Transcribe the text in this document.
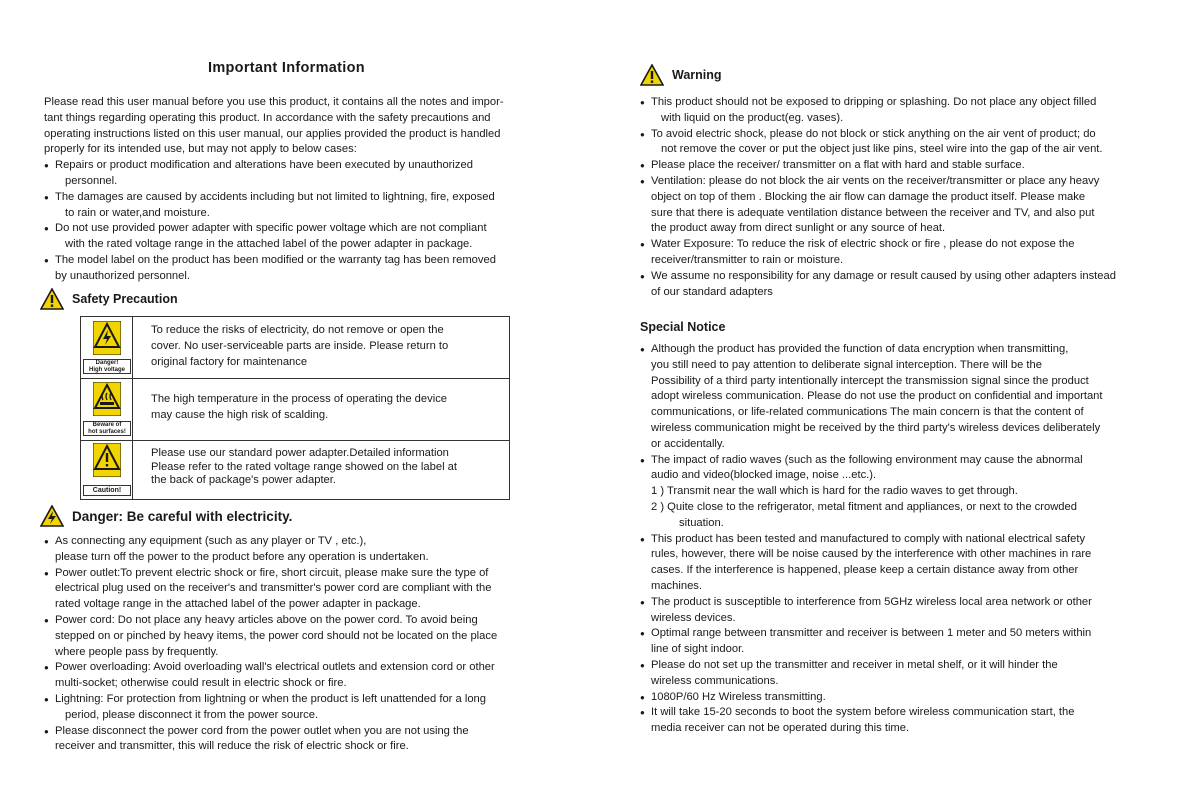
Important Information

Please read this user manual before you use this product, it contains all the notes and impor-

tant things regarding operating this product. In accordance with the safety precautions and

operating instructions listed on this user manual, our applies provided the product is handled

properly for its intended use, but may not apply to below cases:

● Repairs or product modification and alterations have been executed by unauthorized
personnel.
● The damages are caused by accidents including but not limited to lightning, fire, exposed
to rain or water,and moisture.
● Do not use provided power adapter with specific power voltage which are not compliant
with the rated voltage range in the attached label of the power adapter in package.
● The model label on the product has been modified or the warranty tag has been removed
by unauthorized personnel.
Safety Precaution
Danger!
High voltage
To reduce the risks of electricity, do not remove or open the
cover. No user-serviceable parts are inside. Please return to
original factory for maintenance
Beware of
hot surfaces!
The high temperature in the process of operating the device
may cause the high risk of scalding.
Caution!
Please use our standard power adapter.Detailed information
Please refer to the rated voltage range showed on the label at
the back of package's power adapter.
Danger: Be careful with electricity.
● As connecting any equipment (such as any player or TV , etc.),
please turn off the power to the product before any operation is undertaken.
● Power outlet:To prevent electric shock or fire, short circuit, please make sure the type of
electrical plug used on the receiver's and transmitter's power cord are compliant with the
rated voltage range in the attached label of the power adapter in package.
● Power cord: Do not place any heavy articles above on the power cord. To avoid being
stepped on or pinched by heavy items, the power cord should not be located on the place
where people pass by frequently.
● Power overloading: Avoid overloading wall's electrical outlets and extension cord or other
multi-socket; otherwise could result in electric shock or fire.
● Lightning: For protection from lightning or when the product is left unattended for a long
period, please disconnect it from the power source.
● Please disconnect the power cord from the power outlet when you are not using the
receiver and transmitter, this will reduce the risk of electric shock or fire.
Warning
● This product should not be exposed to dripping or splashing. Do not place any object filled
with liquid on the product(eg. vases).
● To avoid electric shock, please do not block or stick anything on the air vent of product; do
not remove the cover or put the object just like pins, steel wire into the gap of the air vent.
● Please place the receiver/ transmitter on a flat with hard and stable surface.
● Ventilation: please do not block the air vents on the receiver/transmitter or place any heavy
object on top of them . Blocking the air flow can damage the product itself. Please make
sure that there is adequate ventilation distance between the receiver and TV, and also put
the product away from direct sunlight or any source of heat.
● Water Exposure: To reduce the risk of electric shock or fire , please do not expose the
receiver/transmitter to rain or moisture.
● We assume no responsibility for any damage or result caused by using other adapters instead
of our standard adapters
Special Notice
● Although the product has provided the function of data encryption when transmitting,
you still need to pay attention to deliberate signal interception. There will be the
Possibility of a third party intentionally intercept the transmission signal since the product
adopt wireless communication. Please do not use the product on confidential and important
communications, or life-related communications The main concern is that the content of
wireless communication might be received by the third party's wireless devices deliberately
or accidentally.
● The impact of radio waves (such as the following environment may cause the abnormal
audio and video(blocked image, noise ...etc.).
1 ) Transmit near the wall which is hard for the radio waves to get through.
2 ) Quite close to the refrigerator, metal fitment and appliances, or next to the crowded
situation.
● This product has been tested and manufactured to comply with national electrical safety
rules, however, there will be noise caused by the interference with other machines in rare
cases. If the interference is happened, please keep a certain distance away from other
machines.
● The product is susceptible to interference from 5GHz wireless local area network or other
wireless devices.
● Optimal range between transmitter and receiver is between 1 meter and 50 meters within
line of sight indoor.
● Please do not set up the transmitter and receiver in metal shelf, or it will hinder the
wireless communications.
● 1080P/60 Hz Wireless transmitting.
● It will take 15-20 seconds to boot the system before wireless communication start, the
media receiver can not be operated during this time.
